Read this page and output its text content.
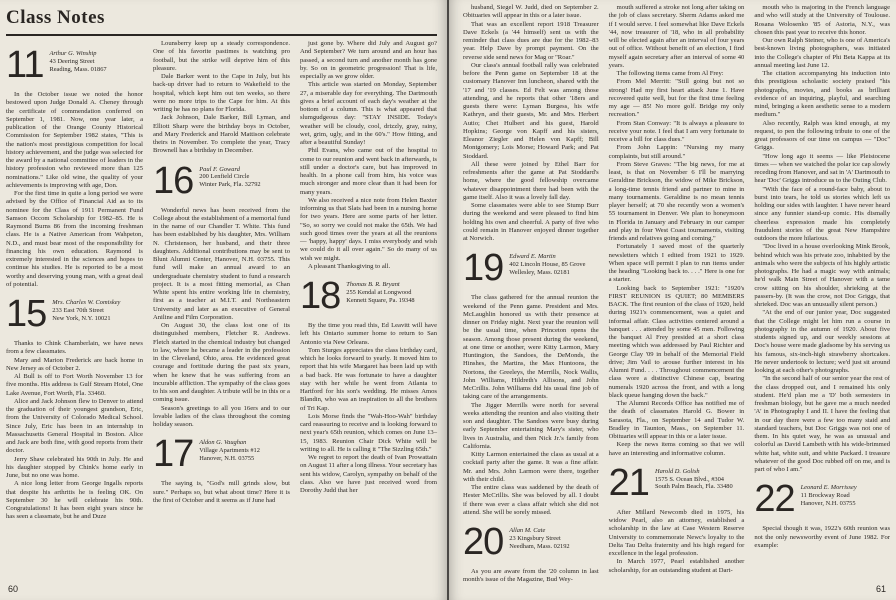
Class Notes
11 Arthur G. Winship
43 Deering Street
Reading, Mass. 01867

In the October issue we noted the honor bestowed upon Judge Donald A. Cheney through the certificate of commendation conferred on September 1, 1981. Now, one year later, a publication of the Orange County Historical Commission for September 1982 states, "This is the nation's most prestigious competition for local history achievement, and the judge was selected for the award by a national committee of leaders in the history profession who reviewed more than 125 nominations." Like old wine, the quality of your achievements is improving with age, Don.

For the first time in quite a long period we were advised by the Office of Financial Aid as to its nominee for the Class of 1911 Permanent Fund Samson Occom Scholarship for 1982–85. He is Raymond Burns 86 from the incoming freshman class. He is a Native American from Wahpeton, N.D., and must bear most of the responsibility for financing his own education. Raymond is extremely interested in the sciences and hopes to continue his studies. He is reported to be a most worthy and deserving young man, with a great deal of potential.

15 Mrs. Charles W. Comiskey
233 East 70th Street
New York, N.Y. 10021

Thanks to Chink Chamberlain, we have news from a few classmates.

Mary and Marion Frederick are back home in New Jersey as of October 2.

Al Bull is off to Fort Worth November 13 for five months. His address is Gulf Stream Hotel, One Lake Avenue, Fort Worth, Fla. 33460.

Alice and Jack Johnson flew to Denver to attend the graduation of their youngest grandson, Eric, from the University of Colorado Medical School. Since July, Eric has been in an internship in Massachusetts General Hospital in Boston. Alice and Jack are both fine, with good reports from their doctor.

Jerry Shaw celebrated his 90th in July. He and his daughter stopped by Chink's home early in June, but no one was home.

A nice long letter from George Ingalls reports that despite his arthritis he is feeling OK. On September 30 he will celebrate his 90th. Congratulations! It has been eight years since he has seen a classmate, but he and Duze

Lounsberry keep up a steady correspondence. One of his favorite pastimes is watching pro football, but the strike will deprive him of this pleasure.

Dale Barker went to the Cape in July, but his back-up driver had to return to Wakefield to the hospital, which kept him out ten weeks, so there were no more trips to the Cape for him. At this writing he has no plans for Florida.

Jack Johnson, Dale Barker, Bill Lyman, and Elliott Sharp were the birthday boys in October, and Mary Frederick and Harold Mattison celebrate theirs in November. To complete the year, Tracy Brownell has a birthday in December.

16 Paul F. Goward
200 Lenfield Circle
Winter Park, Fla. 32792

Wonderful news has been received from the College about the establishment of a memorial fund in the name of our Chandler T. White. This fund has been established by his daughter, Mrs. William N. Christenson, her husband, and their three daughters. Additional contributions may be sent to Blunt Alumni Center, Hanover, N.H. 03755. This fund will make an annual award to an undergraduate chemistry student to fund a research project. It is a most fitting memorial, as Chan White spent his entire working life in chemistry, first as a teacher at M.I.T. and Northeastern University and later as an executive of General Aniline and Film Corporation.

On August 30, the class lost one of its distinguished members, Fletcher R. Andrews. Fletch started in the chemical industry but changed to law, where he became a leader in the profession in the Cleveland, Ohio, area. He evidenced great courage and fortitude during the past six years, when he knew that he was suffering from an incurable affliction. The sympathy of the class goes to his son and daughter. A tribute will be in this or a coming issue.

Season's greetings to all you 16ers and to our lovable ladies of the class throughout the coming holiday season.

17 Aldon G. Vaughan
Village Apartments #12
Hanover, N.H. 03755

The saying is, "God's mill grinds slow, but sure." Perhaps so, but what about time? Here it is the first of October and it seems as if June had

just gone by. Where did July and August go? And September? We turn around and an hour has passed, a second turn and another month has gone by. So on in geometric progression! That is life, especially as we grow older.

This article was started on Monday, September 27, a miserable day for everything. The Dartmouth gives a brief account of each day's weather at the bottom of a column. This is what appeared that slumgudgeous day: "STAY INSIDE. Today's weather will be cloudy, cool, drizzly, gray, rainy, wet, grim, ugly, and in the 60's." How fitting, and after a beautiful Sunday!

Phil Evans, who came out of the hospital to come to our reunion and went back in afterwards, is still under a doctor's care, but has improved in health. In a phone call from him, his voice was much stronger and more clear than it had been for many years.

We also received a nice note from Helen Baxter informing us that Slats had been in a nursing home for two years. Here are some parts of her letter. "So, so sorry we could not make the 65th. We had such good times over the years at all the reunions — 'happy, happy' days. I miss everybody and wish we could do it all over again." So do many of us wish we might.

A pleasant Thanksgiving to all.

18 Thomas B. R. Bryant
255 Kendal at Longwood
Kennett Square, Pa. 19348

By the time you read this, Ed Leavitt will have left his Ontario summer home to return to San Antonio via New Orleans.

Tom Sturges appreciates the class birthday card, which he looks forward to yearly. It moved him to report that his wife Margaret has been laid up with a bad back. He was fortunate to have a daughter stay with her while he went from Atlanta to Hartford for his son's wedding. He misses Amos Blandin, who was an inspiration to all the brothers of Tri Kap.

Lois Morse finds the "Wah-Hoo-Wah" birthday card reassuring to receive and is looking forward to next year's 65th reunion, which comes on June 13–15, 1983. Reunion Chair Dick White will be writing to all. He is calling it "The Sizzling 65th."

We regret to report the death of Ivan Prowattain on August 11 after a long illness. Your secretary has sent his widow, Carolyn, sympathy on behalf of the class. Also we have just received word from Dorothy Judd that her

60

husband, Siegel W. Judd, died on September 2. Obituaries will appear in this or a later issue.

That was an excellent report 1918 Treasurer Dave Eckels (a '44 himself) sent us with the reminder that class dues are due for the 1982–83 year. Help Dave by prompt payment. On the reverse side send news for Mag or "Roar."

Our class's annual football rally was celebrated before the Penn game on September 18 at the customary Hanover Inn luncheon, shared with the '17 and '19 classes. Ed Felt was among those attending, and he reports that other '18ers and guests there were: Lyman Burgess, his wife Kathryn, and their guests, Mr. and Mrs. Herbert Autio; Chet Hulbert and his guest, Harold Hopkins; George von Kapff and his sisters, Eleanor Ziegler and Helen von Kapff; Bill Montgomery; Lois Morse; Howard Park; and Pat Stoddard.

All these were joined by Ethel Barr for refreshments after the game at Pat Stoddard's home, where the good fellowship overcame whatever disappointment there had been with the game itself. Also it was a lovely fall day.

Some classmates were able to see Stump Burr during the weekend and were pleased to find him holding his own and cheerful. A party of five who could remain in Hanover enjoyed dinner together at Norwich.

19 Edward E. Martin
402 Lincoln House, 85 Grove
Wellesley, Mass. 02181

The class gathered for the annual reunion the weekend of the Penn game. President and Mrs. McLaughlin honored us with their presence at dinner on Friday night. Next year the reunion will be the usual time, when Princeton opens the season. Among those present during the weekend, at one time or another, were Kitty Larmon, Mary Huntington, the Sandoes, the DeMonds, the Hinshes, the Martins, the Max Huntoons, the Nortons, the Greeleys, the Merrills, Nock Wallis, John Williams, Hildreth's Allisons, and John McCrillis. John Williams did his usual fine job of taking care of the arrangements.

The Jigger Merrills were north for several weeks attending the reunion and also visiting their son and daughter. The Sandoes were busy during early September entertaining Mary's sister, who lives in Australia, and then Nick Jr.'s family from California.

Kitty Larmon entertained the class as usual at a cocktail party after the game. It was a fine affair. Mr. and Mrs. John Larmon were there, together with their child.

The entire class was saddened by the death of Hester McCrillis. She was beloved by all. I doubt if there was ever a class affair which she did not attend. She will be sorely missed.

20 Allan M. Cate
23 Kingsbury Street
Needham, Mass. 02192

As you are aware from the '20 column in last month's issue of the Magazine, Bud Wey-

mouth suffered a stroke not long after taking on the job of class secretary. Sherm Adams asked me if I would serve. I feel somewhat like Dave Eckels '44, now treasurer of '18, who in all probability will be elected again after an interval of four years out of office. Without benefit of an election, I find myself again secretary after an interval of some 40 years.

The following items came from Al Frey:

From Mel Merritt: "Still going but not so strong! Had my first heart attack June 1. Have recovered quite well, but for the first time feeling my age — 85! No more golf. Bridge my only recreation."

From Stan Conway: "It is always a pleasure to receive your note. I feel that I am very fortunate to receive a bill for class dues."

From John Lappin: "Nursing my many complaints, but still around."

From Steve Graves: "The big news, for me at least, is that on November 6 I'll be marrying Geraldine Brickson, the widow of Mike Brickson, a long-time tennis friend and partner to mine in many tournaments. Geraldine is no mean tennis player herself; at 70 she recently won a women's 55 tournament in Denver. We plan to honeymoon in Florida in January and February in our camper and play in four West Coast tournaments, visiting friends and relatives going and coming."

Fortunately I saved most of the quarterly newsletters which I edited from 1921 to 1929. When space will permit I plan to run items under the heading "Looking back to. . . ." Here is one for a starter.

Looking back to September 1921: "1920's FIRST REUNION IS QUIET; 80 MEMBERS BACK. The first reunion of the class of 1920, held during 1921's commencement, was a quiet and informal affair. Class activities centered around a banquet . . . attended by some 45 men. Following the banquet Al Frey presided at a short class meeting which was addressed by Paul Richter and George Clay '09 in behalf of the Memorial Field drive; Jim Vail to arouse further interest in his Alumni Fund. . . . Throughout commencement the class wore a distinctive Chinese cap, bearing numerals 1920 across the front, and with a long black queue hanging down the back."

The Alumni Records Office has notified me of the death of classmates Harold G. Bower in Sarasota, Fla., on September 14 and Tudor W. Bradley in Taunton, Mass., on September 11. Obituaries will appear in this or a later issue.

Keep the news items coming so that we will have an interesting and informative column.

21 Harold D. Golish
1575 S. Ocean Blvd., #304
South Palm Beach, Fla. 33480

After Millard Newcomb died in 1975, his widow Pearl, also an attorney, established a scholarship in the law at Case Western Reserve University to commemorate Newc's loyalty to the Delta Tau Delta fraternity and his high regard for excellence in the legal profession.

In March 1977, Pearl established another scholarship, for an outstanding student at Dart-

mouth who is majoring in the French language and who will study at the University of Toulouse. Rosana Wolosenko '85 of Astoria, N.Y., was chosen this past year to receive this honor.

Our own Ralph Steiner, who is one of America's best-known living photographers, was initiated into the College's chapter of Phi Beta Kappa at its annual meeting last June 12.

The citation accompanying his induction into this prestigious scholastic society praised "his photographs, movies, and books as brilliant evidence of an inquiring, playful, and searching mind, bringing a keen aesthetic sense to a modern medium."

Also recently, Ralph was kind enough, at my request, to pen the following tribute to one of the great professors of our time on campus — "Doc" Griggs.

"How long ago it seems — like Pleistocene times — when we watched the polar ice cap slowly receding from Hanover, and sat in 'A' Dartmouth to hear 'Doc' Griggs introduce us to the Outing Club.

"With the face of a round-face baby, about to burst into tears, he told us stories which left us holding our sides with laughter. I have never heard since any funnier stand-up comic. His dismally cheerless expression made his completely fraudulent stories of the great New Hampshire outdoors the more hilarious.

"Doc lived in a house overlooking Mink Brook, behind which was his private zoo, inhabited by the animals who were the subjects of his highly artistic photographs. He had a magic way with animals; he'd walk Main Street of Hanover with a tame crow sitting on his shoulder, shrieking at the passers-by. (It was the crow, not Doc Griggs, that shrieked. Doc was an unusually silent person.)

"At the end of our junior year, Doc suggested that the College might let him run a course in photography in the autumn of 1920. About five students signed up, and our weekly sessions at Doc's house were made gladsome by his serving us his famous, six-inch-high strawberry shortcakes. He never undertook to lecture; we'd just sit around looking at each other's photographs.

"In the second half of our senior year the rest of the class dropped out, and I remained his only student. He'd plan me a 'D' both semesters in freshman biology, but he gave me a much needed 'A' in Photography I and II. I have the feeling that in our day there were a few too many staid and standard teachers, but Doc Griggs was not one of them. In his quiet way, he was as unusual and colorful as David Lambeth with his wide-brimmed white hat, white suit, and white Packard. I treasure whatever of the good Doc rubbed off on me, and is part of who I am."

22 Leonard E. Morrissey
11 Brockway Road
Hanover, N.H. 03755

Special though it was, 1922's 60th reunion was not the only newsworthy event of June 1982. For example:

61
